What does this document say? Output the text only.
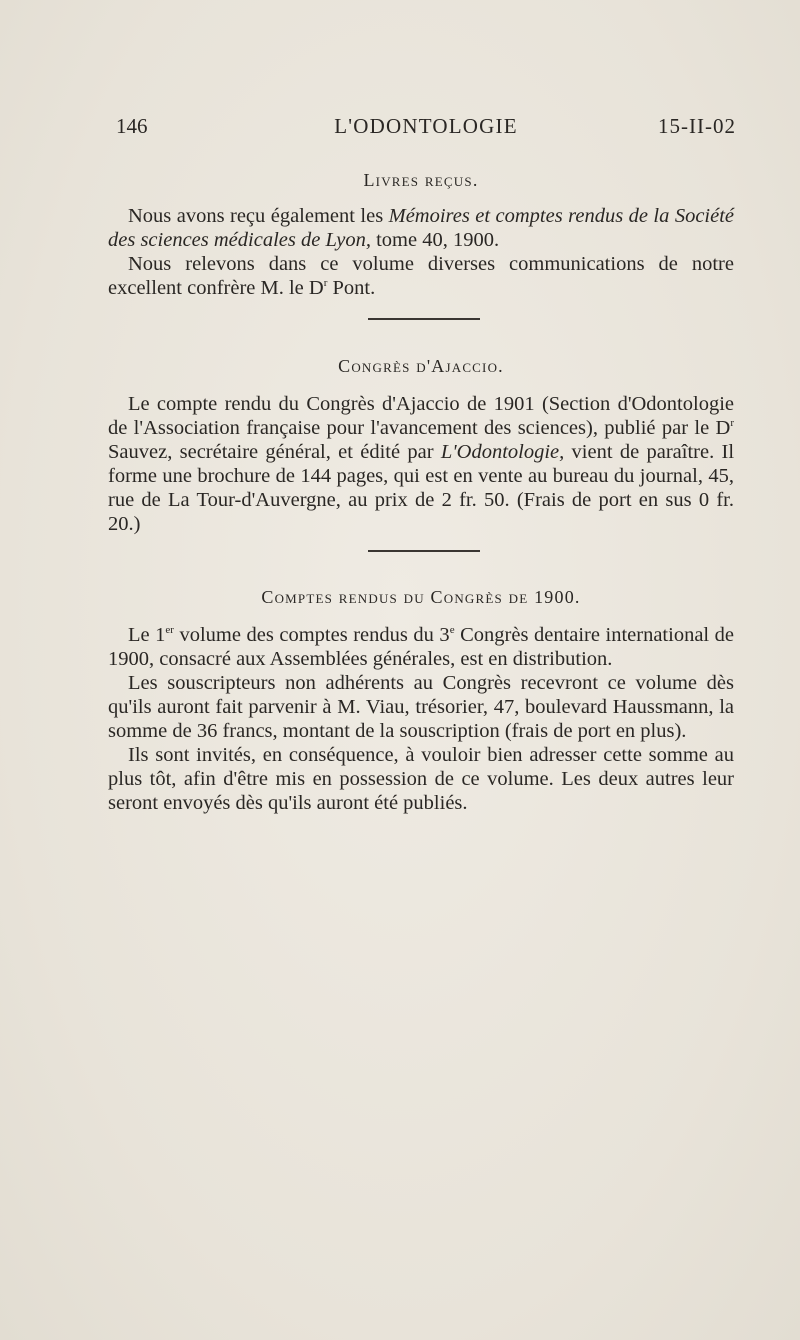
146	L'ODONTOLOGIE	15-II-02
Livres reçus.

Nous avons reçu également les Mémoires et comptes rendus de la Société des sciences médicales de Lyon, tome 40, 1900.

Nous relevons dans ce volume diverses communications de notre excellent confrère M. le $D^r$ Pont.

Congrès d'Ajaccio.

Le compte rendu du Congrès d'Ajaccio de 1901 (Section d'Odontologie de l'Association française pour l'avancement des sciences), publié par le $D^r$ Sauvez, secrétaire général, et édité par L'Odontologie, vient de paraître. Il forme une brochure de 144 pages, qui est en vente au bureau du journal, 45, rue de La Tour-d'Auvergne, au prix de 2 fr. 50. (Frais de port en sus 0 fr. 20.)

Comptes rendus du Congrès de 1900.

Le 1er volume des comptes rendus du 3e Congrès dentaire international de 1900, consacré aux Assemblées générales, est en distribution.

Les souscripteurs non adhérents au Congrès recevront ce volume dès qu'ils auront fait parvenir à M. Viau, trésorier, 47, boulevard Haussmann, la somme de 36 francs, montant de la souscription (frais de port en plus).

Ils sont invités, en conséquence, à vouloir bien adresser cette somme au plus tôt, afin d'être mis en possession de ce volume. Les deux autres leur seront envoyés dès qu'ils auront été publiés.
